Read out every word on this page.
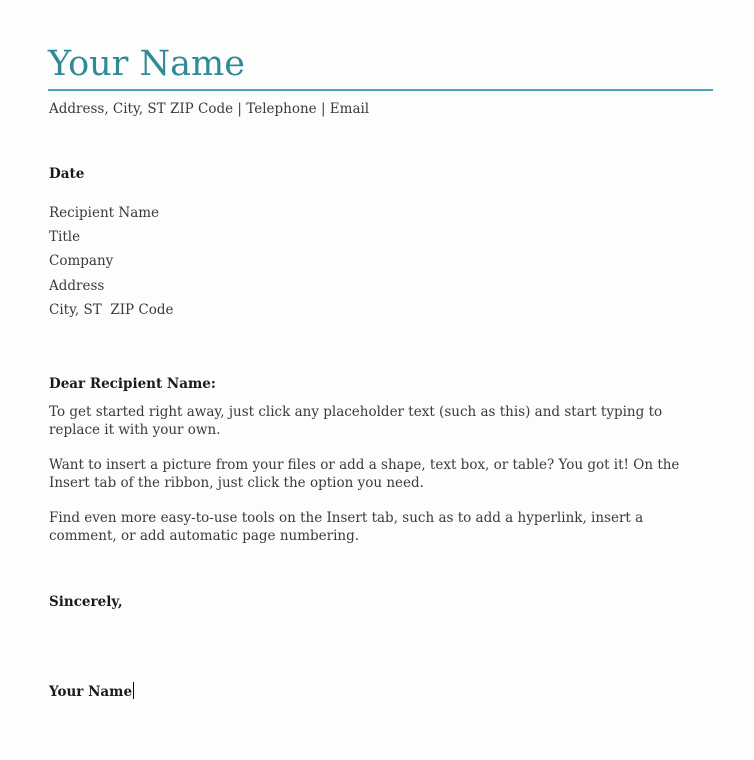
Your Name
Address, City, ST ZIP Code | Telephone | Email
Date
Recipient Name
Title
Company
Address
City, ST  ZIP Code
Dear Recipient Name:
To get started right away, just click any placeholder text (such as this) and start typing to replace it with your own.
Want to insert a picture from your files or add a shape, text box, or table? You got it! On the Insert tab of the ribbon, just click the option you need.
Find even more easy-to-use tools on the Insert tab, such as to add a hyperlink, insert a comment, or add automatic page numbering.
Sincerely,
Your Name
